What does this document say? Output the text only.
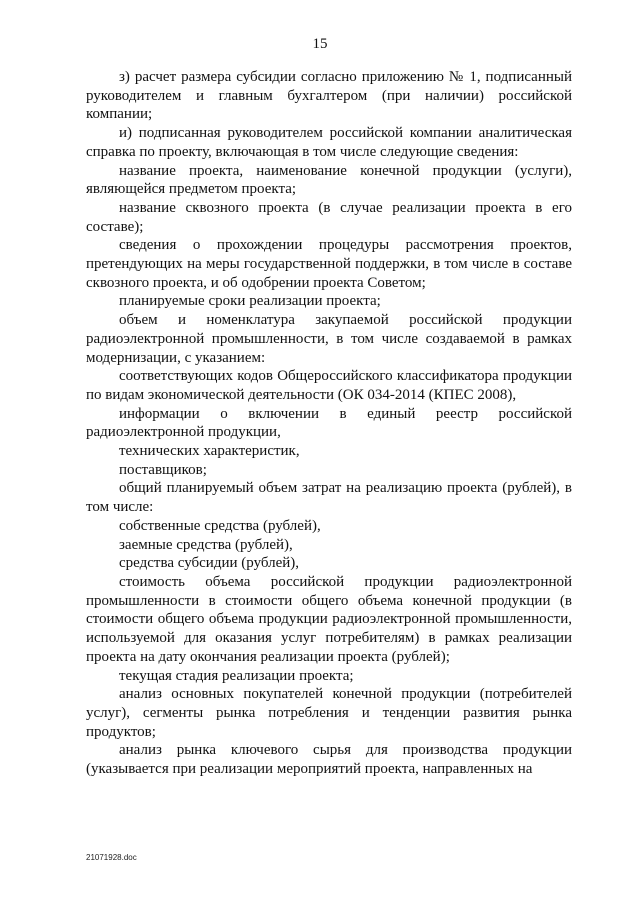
15

з) расчет размера субсидии согласно приложению № 1, подписанный руководителем и главным бухгалтером (при наличии) российской компании;

и) подписанная руководителем российской компании аналитическая справка по проекту, включающая в том числе следующие сведения:

название проекта, наименование конечной продукции (услуги), являющейся предметом проекта;

название сквозного проекта (в случае реализации проекта в его составе);

сведения о прохождении процедуры рассмотрения проектов, претендующих на меры государственной поддержки, в том числе в составе сквозного проекта, и об одобрении проекта Советом;

планируемые сроки реализации проекта;

объем и номенклатура закупаемой российской продукции радиоэлектронной промышленности, в том числе создаваемой в рамках модернизации, с указанием:

соответствующих кодов Общероссийского классификатора продукции по видам экономической деятельности (ОК 034-2014 (КПЕС 2008),

информации о включении в единый реестр российской радиоэлектронной продукции,

технических характеристик,

поставщиков;

общий планируемый объем затрат на реализацию проекта (рублей), в том числе:

собственные средства (рублей),

заемные средства (рублей),

средства субсидии (рублей),

стоимость объема российской продукции радиоэлектронной промышленности в стоимости общего объема конечной продукции (в стоимости общего объема продукции радиоэлектронной промышленности, используемой для оказания услуг потребителям) в рамках реализации проекта на дату окончания реализации проекта (рублей);

текущая стадия реализации проекта;

анализ основных покупателей конечной продукции (потребителей услуг), сегменты рынка потребления и тенденции развития рынка продуктов;

анализ рынка ключевого сырья для производства продукции (указывается при реализации мероприятий проекта, направленных на

21071928.doc
